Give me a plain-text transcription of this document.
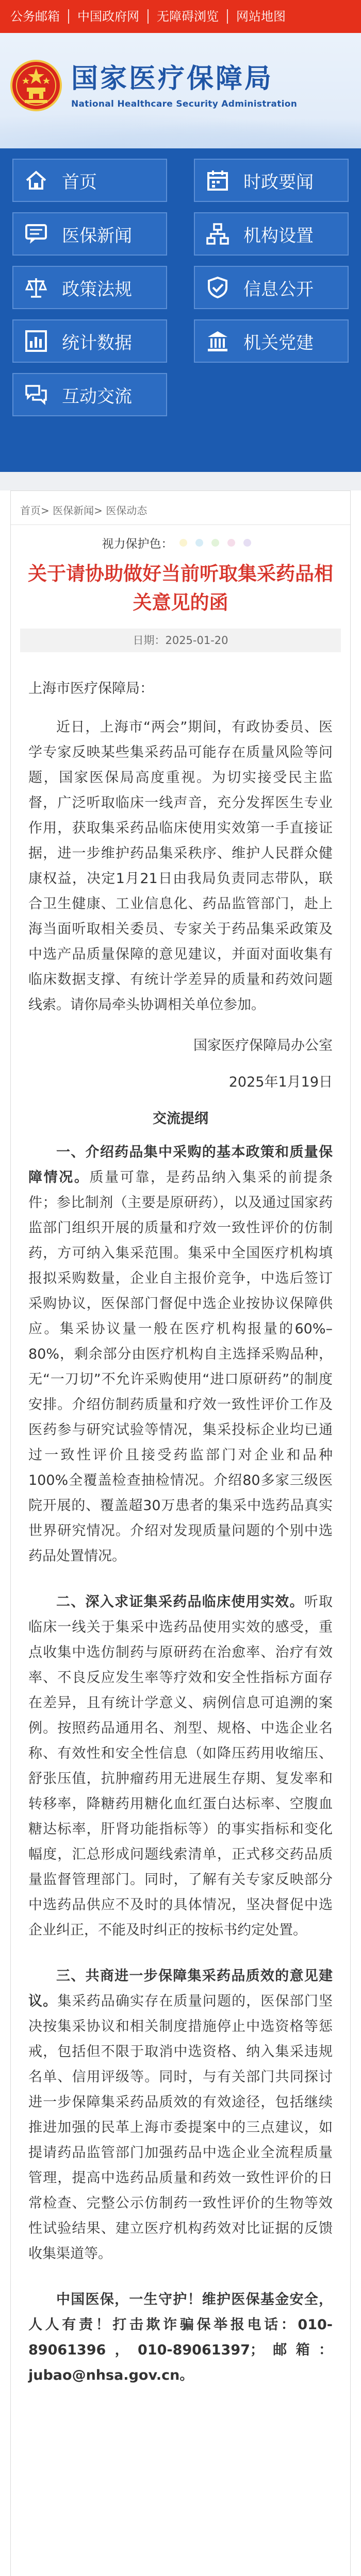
公务邮箱	中国政府网	无障碍浏览	网站地图
国家医疗保障局
National Healthcare Security Administration
首页	时政要闻
医保新闻	机构设置
政策法规	信息公开
统计数据	机关党建
互动交流
首页> 医保新闻> 医保动态
视力保护色：
关于请协助做好当前听取集采药品相关意见的函
日期：2025-01-20

上海市医疗保障局：

近日，上海市“两会”期间，有政协委员、医学专家反映某些集采药品可能存在质量风险等问题，国家医保局高度重视。为切实接受民主监督，广泛听取临床一线声音，充分发挥医生专业作用，获取集采药品临床使用实效第一手直接证据，进一步维护药品集采秩序、维护人民群众健康权益，决定1月21日由我局负责同志带队，联合卫生健康、工业信息化、药品监管部门，赴上海当面听取相关委员、专家关于药品集采政策及中选产品质量保障的意见建议，并面对面收集有临床数据支撑、有统计学差异的质量和药效问题线索。请你局牵头协调相关单位参加。

国家医疗保障局办公室

2025年1月19日

交流提纲

一、介绍药品集中采购的基本政策和质量保障情况。质量可靠，是药品纳入集采的前提条件；参比制剂（主要是原研药），以及通过国家药监部门组织开展的质量和疗效一致性评价的仿制药，方可纳入集采范围。集采中全国医疗机构填报拟采购数量，企业自主报价竞争，中选后签订采购协议，医保部门督促中选企业按协议保障供应。集采协议量一般在医疗机构报量的60%–80%，剩余部分由医疗机构自主选择采购品种，无“一刀切”不允许采购使用“进口原研药”的制度安排。介绍仿制药质量和疗效一致性评价工作及医药参与研究试验等情况，集采投标企业均已通过一致性评价且接受药监部门对企业和品种100%全覆盖检查抽检情况。介绍80多家三级医院开展的、覆盖超30万患者的集采中选药品真实世界研究情况。介绍对发现质量问题的个别中选药品处置情况。

二、深入求证集采药品临床使用实效。听取临床一线关于集采中选药品使用实效的感受，重点收集中选仿制药与原研药在治愈率、治疗有效率、不良反应发生率等疗效和安全性指标方面存在差异，且有统计学意义、病例信息可追溯的案例。按照药品通用名、剂型、规格、中选企业名称、有效性和安全性信息（如降压药用收缩压、舒张压值，抗肿瘤药用无进展生存期、复发率和转移率，降糖药用糖化血红蛋白达标率、空腹血糖达标率，肝肾功能指标等）的事实指标和变化幅度，汇总形成问题线索清单，正式移交药品质量监督管理部门。同时，了解有关专家反映部分中选药品供应不及时的具体情况，坚决督促中选企业纠正，不能及时纠正的按标书约定处置。

三、共商进一步保障集采药品质效的意见建议。集采药品确实存在质量问题的，医保部门坚决按集采协议和相关制度措施停止中选资格等惩戒，包括但不限于取消中选资格、纳入集采违规名单、信用评级等。同时，与有关部门共同探讨进一步保障集采药品质效的有效途径，包括继续推进加强的民革上海市委提案中的三点建议，如提请药品监管部门加强药品中选企业全流程质量管理，提高中选药品质量和药效一致性评价的日常检查、完整公示仿制药一致性评价的生物等效性试验结果、建立医疗机构药效对比证据的反馈收集渠道等。

中国医保，一生守护！维护医保基金安全，人人有责！打击欺诈骗保举报电话：010-89061396，010-89061397；邮箱：jubao@nhsa.gov.cn。
